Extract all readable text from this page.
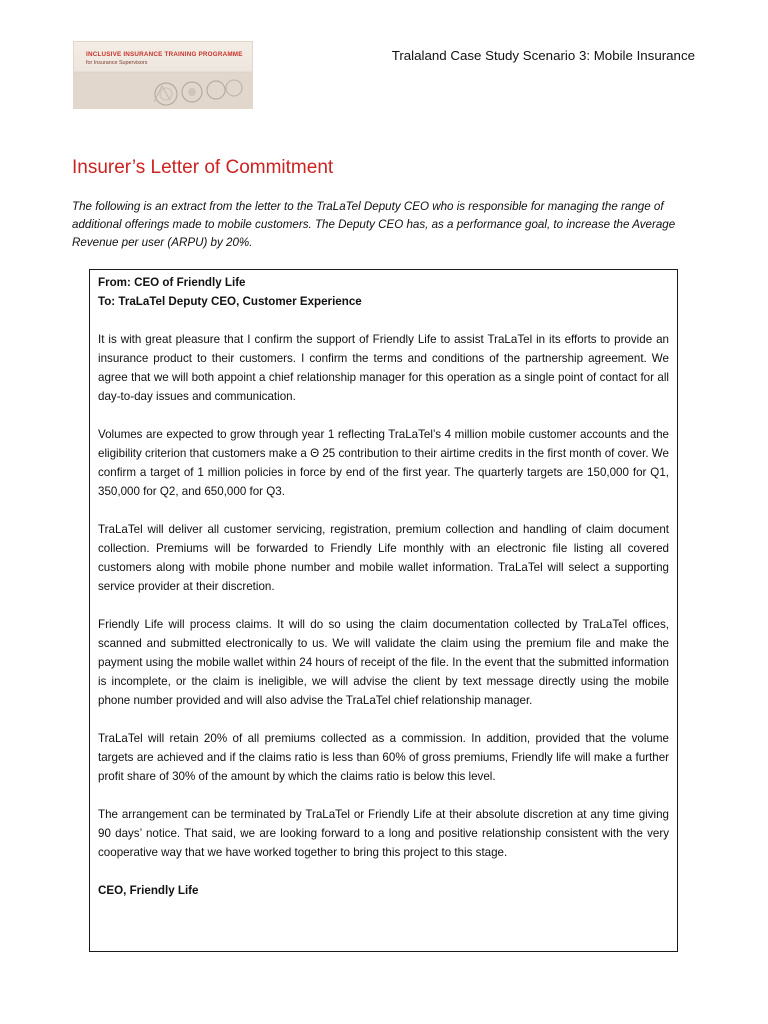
INCLUSIVE INSURANCE TRAINING PROGRAMME
for Insurance Supervisors	Tralaland Case Study Scenario 3: Mobile Insurance
Insurer’s Letter of Commitment

The following is an extract from the letter to the TraLaTel Deputy CEO who is responsible for managing the range of additional offerings made to mobile customers. The Deputy CEO has, as a performance goal, to increase the Average Revenue per user (ARPU) by 20%.

From: CEO of Friendly Life

To: TraLaTel Deputy CEO, Customer Experience

It is with great pleasure that I confirm the support of Friendly Life to assist TraLaTel in its efforts to provide an insurance product to their customers. I confirm the terms and conditions of the partnership agreement. We agree that we will both appoint a chief relationship manager for this operation as a single point of contact for all day-to-day issues and communication.

Volumes are expected to grow through year 1 reflecting TraLaTel’s 4 million mobile customer accounts and the eligibility criterion that customers make a Θ 25 contribution to their airtime credits in the first month of cover. We confirm a target of 1 million policies in force by end of the first year. The quarterly targets are 150,000 for Q1, 350,000 for Q2, and 650,000 for Q3.

TraLaTel will deliver all customer servicing, registration, premium collection and handling of claim document collection. Premiums will be forwarded to Friendly Life monthly with an electronic file listing all covered customers along with mobile phone number and mobile wallet information. TraLaTel will select a supporting service provider at their discretion.

Friendly Life will process claims. It will do so using the claim documentation collected by TraLaTel offices, scanned and submitted electronically to us. We will validate the claim using the premium file and make the payment using the mobile wallet within 24 hours of receipt of the file. In the event that the submitted information is incomplete, or the claim is ineligible, we will advise the client by text message directly using the mobile phone number provided and will also advise the TraLaTel chief relationship manager.

TraLaTel will retain 20% of all premiums collected as a commission. In addition, provided that the volume targets are achieved and if the claims ratio is less than 60% of gross premiums, Friendly life will make a further profit share of 30% of the amount by which the claims ratio is below this level.

The arrangement can be terminated by TraLaTel or Friendly Life at their absolute discretion at any time giving 90 days’ notice. That said, we are looking forward to a long and positive relationship consistent with the very cooperative way that we have worked together to bring this project to this stage.

CEO, Friendly Life
